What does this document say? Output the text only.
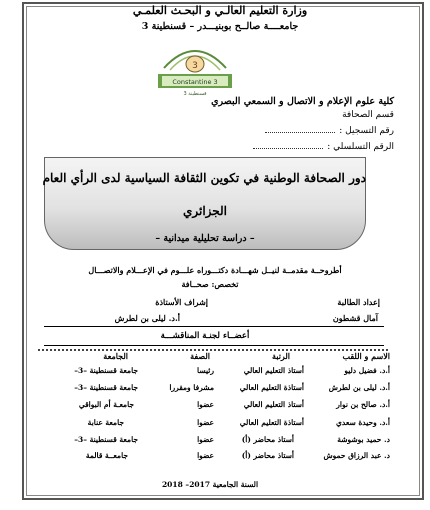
وزارة التعليم العالـي و البحـث العلمـي
جامعــــة صالــح بوبنيـــدر – قسنطينة 3
3
Constantine 3
قسنطينة 3
كلية علوم الإعلام و الاتصال و السمعي البصري
قسم الصحافة
رقم التسجيل :
الرقم التسلسلي :
دور الصحافة الوطنية في تكوين الثقافة السياسية لدى الرأي العام
الجزائري
– دراسة تحليلية ميدانية –
أطروحــة مقدمــة لنيــل شهـــادة دكتـــوراه علـــوم في الإعـــلام والاتصـــال
تخصص: صحــافة
إعداد الطالبة
إشراف الأستاذة
آمال قشطون
أ.د. ليلى بن لطرش
أعضــاء لجنـة المناقشـــة
الاسم و اللقب
الرتبة
الصفة
الجامعة
أ.د. فضيل دليو
أستاذ التعليم العالي
رئيسا
جامعة قسنطينة –3–
أ.د. ليلى بن لطرش
أستاذة التعليم العالي
مشرفا ومقررا
جامعة قسنطينة –3–
أ.د. صالح بن نوار
أستاذ التعليم العالي
عضوا
جامعـة أم البواقي
أ.د. وحيدة سعدي
أستاذة التعليم العالي
عضوا
جامعة عنابة
د. حميد بوشوشة
أستاذ محاضر (أ)
عضوا
جامعة قسنطينة –3–
د. عبد الرزاق حموش
أستاذ محاضر (أ)
عضوا
جامعــة قالمة
السنة الجامعية 2017– 2018
